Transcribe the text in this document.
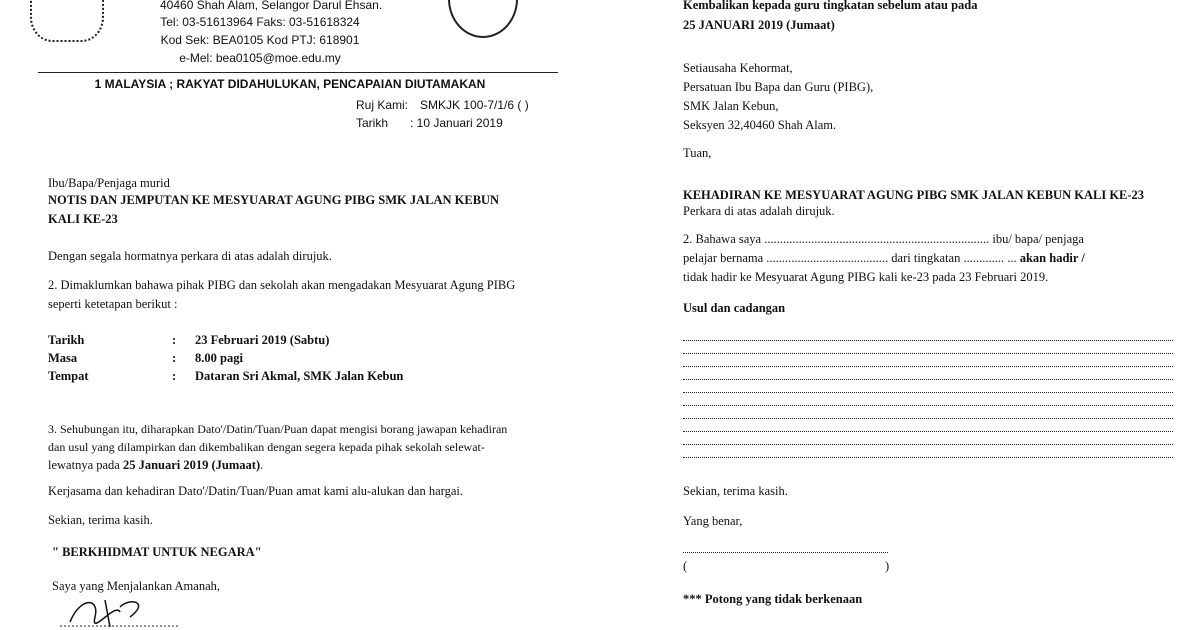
40460 Shah Alam, Selangor Darul Ehsan.
Tel: 03-51613964 Faks: 03-51618324
Kod Sek: BEA0105 Kod PTJ: 618901
e-Mel: bea0105@moe.edu.my
1 MALAYSIA ; RAKYAT DIDAHULUKAN, PENCAPAIAN DIUTAMAKAN
Ruj Kami: SMKJK 100-7/1/6 ( )
Tarikh : 10 Januari 2019
Ibu/Bapa/Penjaga murid
NOTIS DAN JEMPUTAN KE MESYUARAT AGUNG PIBG SMK JALAN KEBUN
KALI KE-23
Dengan segala hormatnya perkara di atas adalah dirujuk.
2. Dimaklumkan bahawa pihak PIBG dan sekolah akan mengadakan Mesyuarat Agung PIBG
seperti ketetapan berikut :
Tarikh	: 23 Februari 2019 (Sabtu)
Masa	: 8.00 pagi
Tempat	: Dataran Sri Akmal, SMK Jalan Kebun
3. Sehubungan itu, diharapkan Dato'/Datin/Tuan/Puan dapat mengisi borang jawapan kehadiran
dan usul yang dilampirkan dan dikembalikan dengan segera kepada pihak sekolah selewat-
lewatnya pada 25 Januari 2019 (Jumaat).
Kerjasama dan kehadiran Dato'/Datin/Tuan/Puan amat kami alu-alukan dan hargai.
Sekian, terima kasih.
" BERKHIDMAT UNTUK NEGARA"
Saya yang Menjalankan Amanah,
Kembalikan kepada guru tingkatan sebelum atau pada
25 JANUARI 2019 (Jumaat)
Setiausaha Kehormat,
Persatuan Ibu Bapa dan Guru (PIBG),
SMK Jalan Kebun,
Seksyen 32,40460 Shah Alam.
Tuan,
KEHADIRAN KE MESYUARAT AGUNG PIBG SMK JALAN KEBUN KALI KE-23
Perkara di atas adalah dirujuk.
2. Bahawa saya ........................................................................ ibu/ bapa/ penjaga
pelajar bernama ....................................... dari tingkatan ............. ... akan hadir /
tidak hadir ke Mesyuarat Agung PIBG kali ke-23 pada 23 Februari 2019.
Usul dan cadangan
Sekian, terima kasih.
Yang benar,
(	)
*** Potong yang tidak berkenaan
